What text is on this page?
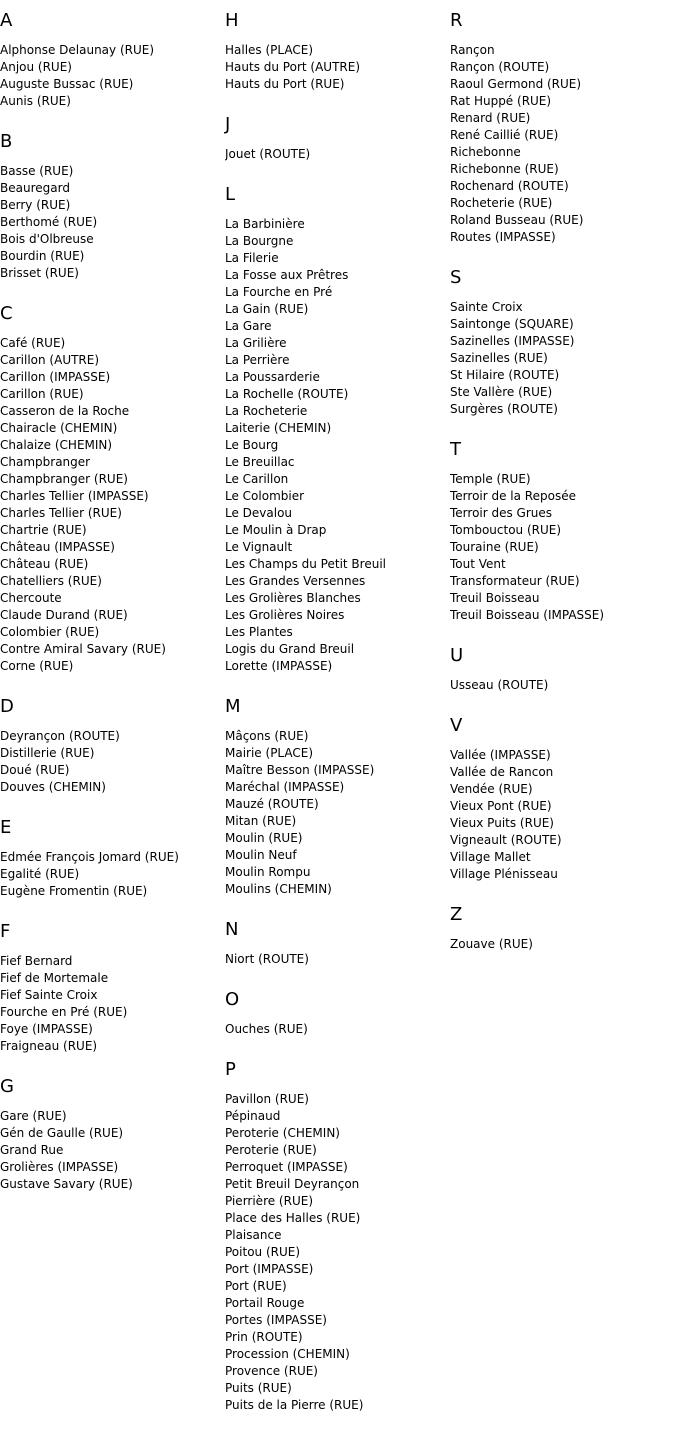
A
Alphonse Delaunay (RUE)
Anjou (RUE)
Auguste Bussac (RUE)
Aunis (RUE)
B
Basse (RUE)
Beauregard
Berry (RUE)
Berthomé (RUE)
Bois d'Olbreuse
Bourdin (RUE)
Brisset (RUE)
C
Café (RUE)
Carillon (AUTRE)
Carillon (IMPASSE)
Carillon (RUE)
Casseron de la Roche
Chairacle (CHEMIN)
Chalaize (CHEMIN)
Champbranger
Champbranger (RUE)
Charles Tellier (IMPASSE)
Charles Tellier (RUE)
Chartrie (RUE)
Château (IMPASSE)
Château (RUE)
Chatelliers (RUE)
Chercoute
Claude Durand (RUE)
Colombier (RUE)
Contre Amiral Savary (RUE)
Corne (RUE)
D
Deyrançon (ROUTE)
Distillerie (RUE)
Doué (RUE)
Douves (CHEMIN)
E
Edmée François Jomard (RUE)
Egalité (RUE)
Eugène Fromentin (RUE)
F
Fief Bernard
Fief de Mortemale
Fief Sainte Croix
Fourche en Pré (RUE)
Foye (IMPASSE)
Fraigneau (RUE)
G
Gare (RUE)
Gén de Gaulle (RUE)
Grand Rue
Grolières (IMPASSE)
Gustave Savary (RUE)
H
Halles (PLACE)
Hauts du Port (AUTRE)
Hauts du Port (RUE)
J
Jouet (ROUTE)
L
La Barbinière
La Bourgne
La Filerie
La Fosse aux Prêtres
La Fourche en Pré
La Gain (RUE)
La Gare
La Grilière
La Perrière
La Poussarderie
La Rochelle (ROUTE)
La Rocheterie
Laiterie (CHEMIN)
Le Bourg
Le Breuillac
Le Carillon
Le Colombier
Le Devalou
Le Moulin à Drap
Le Vignault
Les Champs du Petit Breuil
Les Grandes Versennes
Les Grolières Blanches
Les Grolières Noires
Les Plantes
Logis du Grand Breuil
Lorette (IMPASSE)
M
Mâçons (RUE)
Mairie (PLACE)
Maître Besson (IMPASSE)
Maréchal (IMPASSE)
Mauzé (ROUTE)
Mitan (RUE)
Moulin (RUE)
Moulin Neuf
Moulin Rompu
Moulins (CHEMIN)
N
Niort (ROUTE)
O
Ouches (RUE)
P
Pavillon (RUE)
Pépinaud
Peroterie (CHEMIN)
Peroterie (RUE)
Perroquet (IMPASSE)
Petit Breuil Deyrançon
Pierrière (RUE)
Place des Halles (RUE)
Plaisance
Poitou (RUE)
Port (IMPASSE)
Port (RUE)
Portail Rouge
Portes (IMPASSE)
Prin (ROUTE)
Procession (CHEMIN)
Provence (RUE)
Puits (RUE)
Puits de la Pierre (RUE)
R
Rançon
Rançon (ROUTE)
Raoul Germond (RUE)
Rat Huppé (RUE)
Renard (RUE)
René Caillié (RUE)
Richebonne
Richebonne (RUE)
Rochenard (ROUTE)
Rocheterie (RUE)
Roland Busseau (RUE)
Routes (IMPASSE)
S
Sainte Croix
Saintonge (SQUARE)
Sazinelles (IMPASSE)
Sazinelles (RUE)
St Hilaire (ROUTE)
Ste Vallère (RUE)
Surgères (ROUTE)
T
Temple (RUE)
Terroir de la Reposée
Terroir des Grues
Tombouctou (RUE)
Touraine (RUE)
Tout Vent
Transformateur (RUE)
Treuil Boisseau
Treuil Boisseau (IMPASSE)
U
Usseau (ROUTE)
V
Vallée (IMPASSE)
Vallée de Rancon
Vendée (RUE)
Vieux Pont (RUE)
Vieux Puits (RUE)
Vigneault (ROUTE)
Village Mallet
Village Plénisseau
Z
Zouave (RUE)
